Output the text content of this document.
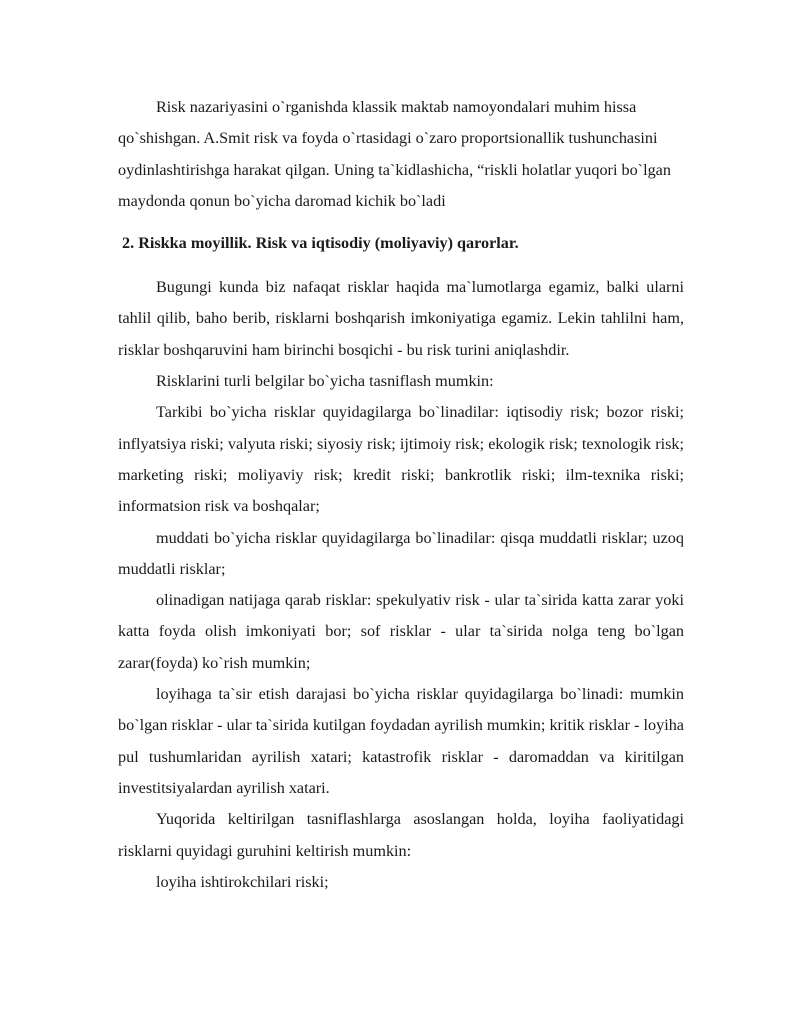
Risk nazariyasini o`rganishda klassik maktab namoyondalari muhim hissa qo`shishgan. A.Smit risk va foyda o`rtasidagi o`zaro proportsionallik tushunchasini oydinlashtirishga harakat qilgan. Uning ta`kidlashicha, “riskli holatlar yuqori bo`lgan maydonda qonun bo`yicha daromad kichik bo`ladi

2. Riskka moyillik. Risk va iqtisodiy (moliyaviy) qarorlar.

Bugungi kunda biz nafaqat risklar haqida ma`lumotlarga egamiz, balki ularni tahlil qilib, baho berib, risklarni boshqarish imkoniyatiga egamiz. Lekin tahlilni ham, risklar boshqaruvini ham birinchi bosqichi - bu risk turini aniqlashdir.

Risklarini turli belgilar bo`yicha tasniflash mumkin:

Tarkibi bo`yicha risklar quyidagilarga bo`linadilar: iqtisodiy risk; bozor riski; inflyatsiya riski; valyuta riski; siyosiy risk; ijtimoiy risk; ekologik risk; texnologik risk; marketing riski; moliyaviy risk; kredit riski; bankrotlik riski; ilm-texnika riski; informatsion risk va boshqalar;

muddati bo`yicha risklar quyidagilarga bo`linadilar: qisqa muddatli risklar; uzoq muddatli risklar;

olinadigan natijaga qarab risklar: spekulyativ risk - ular ta`sirida katta zarar yoki katta foyda olish imkoniyati bor; sof risklar - ular ta`sirida nolga teng bo`lgan zarar(foyda) ko`rish mumkin;

loyihaga ta`sir etish darajasi bo`yicha risklar quyidagilarga bo`linadi: mumkin bo`lgan risklar - ular ta`sirida kutilgan foydadan ayrilish mumkin; kritik risklar - loyiha pul tushumlaridan ayrilish xatari; katastrofik risklar - daromaddan va kiritilgan investitsiyalardan ayrilish xatari.

Yuqorida keltirilgan tasniflashlarga asoslangan holda, loyiha faoliyatidagi risklarni quyidagi guruhini keltirish mumkin:

loyiha ishtirokchilari riski;
